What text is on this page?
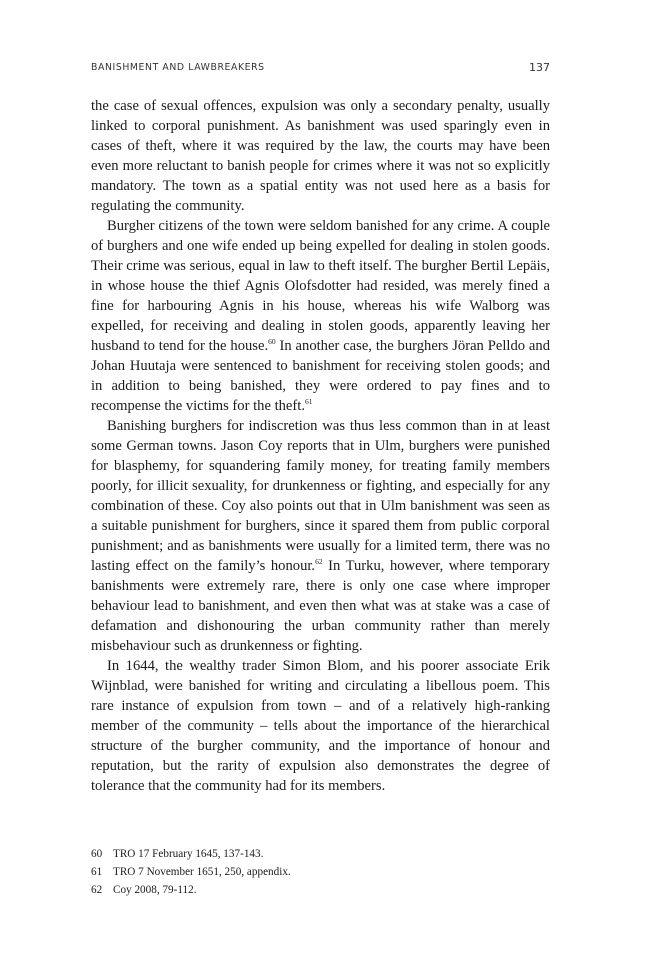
BANISHMENT AND LAWBREAKERS	137

the case of sexual offences, expulsion was only a secondary penalty, usually linked to corporal punishment. As banishment was used sparingly even in cases of theft, where it was required by the law, the courts may have been even more reluctant to banish people for crimes where it was not so explicitly mandatory. The town as a spatial entity was not used here as a basis for regulating the community.

Burgher citizens of the town were seldom banished for any crime. A couple of burghers and one wife ended up being expelled for dealing in stolen goods. Their crime was serious, equal in law to theft itself. The burgher Bertil Lepäis, in whose house the thief Agnis Olofsdotter had resided, was merely fined a fine for harbouring Agnis in his house, whereas his wife Walborg was expelled, for receiving and dealing in stolen goods, apparently leaving her husband to tend for the house.$^{60}$ In another case, the burghers Jöran Pelldo and Johan Huutaja were sentenced to banishment for receiving stolen goods; and in addition to being banished, they were ordered to pay fines and to recompense the victims for the theft.$^{61}$

Banishing burghers for indiscretion was thus less common than in at least some German towns. Jason Coy reports that in Ulm, burghers were punished for blasphemy, for squandering family money, for treating family members poorly, for illicit sexuality, for drunkenness or fighting, and especially for any combination of these. Coy also points out that in Ulm banishment was seen as a suitable punishment for burghers, since it spared them from public corporal punishment; and as banishments were usually for a limited term, there was no lasting effect on the family’s honour.$^{62}$ In Turku, however, where temporary banishments were extremely rare, there is only one case where improper behaviour lead to banishment, and even then what was at stake was a case of defamation and dishonouring the urban community rather than merely misbehaviour such as drunkenness or fighting.

In 1644, the wealthy trader Simon Blom, and his poorer associate Erik Wijnblad, were banished for writing and circulating a libellous poem. This rare instance of expulsion from town – and of a relatively high-ranking member of the community – tells about the importance of the hierarchical structure of the burgher community, and the importance of honour and reputation, but the rarity of expulsion also demonstrates the degree of tolerance that the community had for its members.

60 TRO 17 February 1645, 137-143.
61 TRO 7 November 1651, 250, appendix.
62 Coy 2008, 79-112.
